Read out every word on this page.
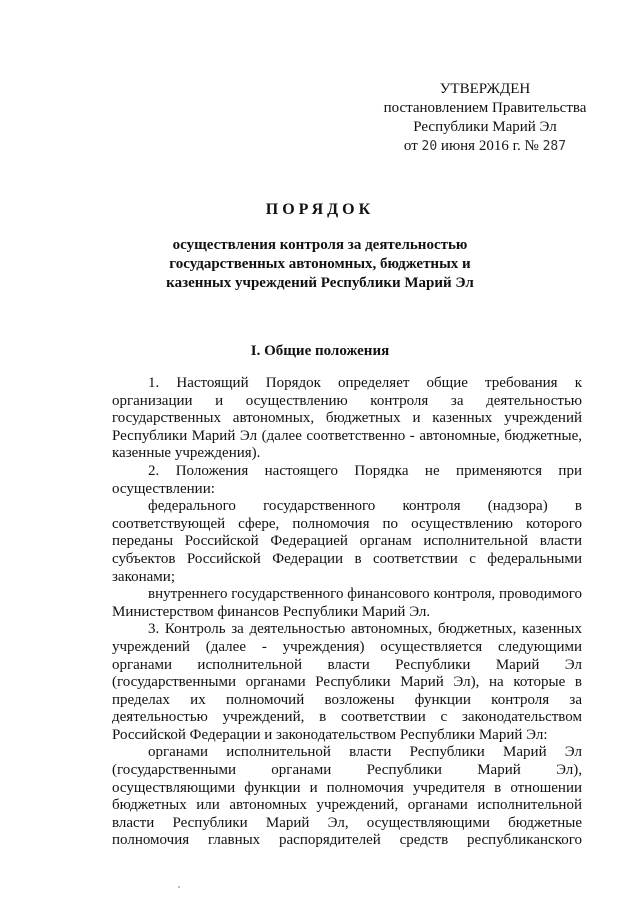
УТВЕРЖДЕН
постановлением Правительства
Республики Марий Эл
от 20 июня 2016 г. № 287
ПОРЯДОК
осуществления контроля за деятельностью
государственных автономных, бюджетных и
казенных учреждений Республики Марий Эл
I. Общие положения

1. Настоящий Порядок определяет общие требования к организации и осуществлению контроля за деятельностью государственных автономных, бюджетных и казенных учреждений Республики Марий Эл (далее соответственно - автономные, бюджетные, казенные учреждения).

2. Положения настоящего Порядка не применяются при осуществлении:

федерального государственного контроля (надзора) в соответствующей сфере, полномочия по осуществлению которого переданы Российской Федерацией органам исполнительной власти субъектов Российской Федерации в соответствии с федеральными законами;

внутреннего государственного финансового контроля, проводимого Министерством финансов Республики Марий Эл.

3. Контроль за деятельностью автономных, бюджетных, казенных учреждений (далее - учреждения) осуществляется следующими органами исполнительной власти Республики Марий Эл (государственными органами Республики Марий Эл), на которые в пределах их полномочий возложены функции контроля за деятельностью учреждений, в соответствии с законодательством Российской Федерации и законодательством Республики Марий Эл:

органами исполнительной власти Республики Марий Эл (государственными органами Республики Марий Эл), осуществляющими функции и полномочия учредителя в отношении бюджетных или автономных учреждений, органами исполнительной власти Республики Марий Эл, осуществляющими бюджетные полномочия главных распорядителей средств республиканского
